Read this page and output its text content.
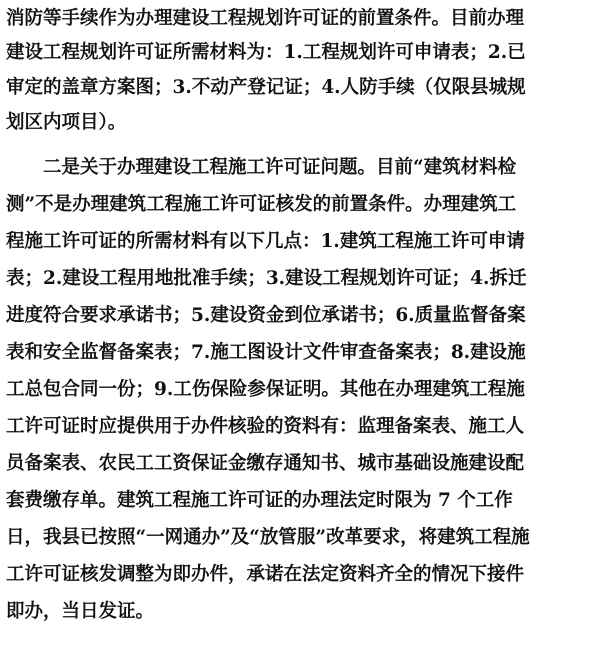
消防等手续作为办理建设工程规划许可证的前置条件。目前办理
建设工程规划许可证所需材料为：1.工程规划许可申请表；2.已
审定的盖章方案图；3.不动产登记证；4.人防手续（仅限县城规
划区内项目）。
二是关于办理建设工程施工许可证问题。目前“建筑材料检
测”不是办理建筑工程施工许可证核发的前置条件。办理建筑工
程施工许可证的所需材料有以下几点：1.建筑工程施工许可申请
表；2.建设工程用地批准手续；3.建设工程规划许可证；4.拆迁
进度符合要求承诺书；5.建设资金到位承诺书；6.质量监督备案
表和安全监督备案表；7.施工图设计文件审查备案表；8.建设施
工总包合同一份；9.工伤保险参保证明。其他在办理建筑工程施
工许可证时应提供用于办件核验的资料有：监理备案表、施工人
员备案表、农民工工资保证金缴存通知书、城市基础设施建设配
套费缴存单。建筑工程施工许可证的办理法定时限为 7 个工作
日，我县已按照“一网通办”及“放管服”改革要求，将建筑工程施
工许可证核发调整为即办件，承诺在法定资料齐全的情况下接件
即办，当日发证。
